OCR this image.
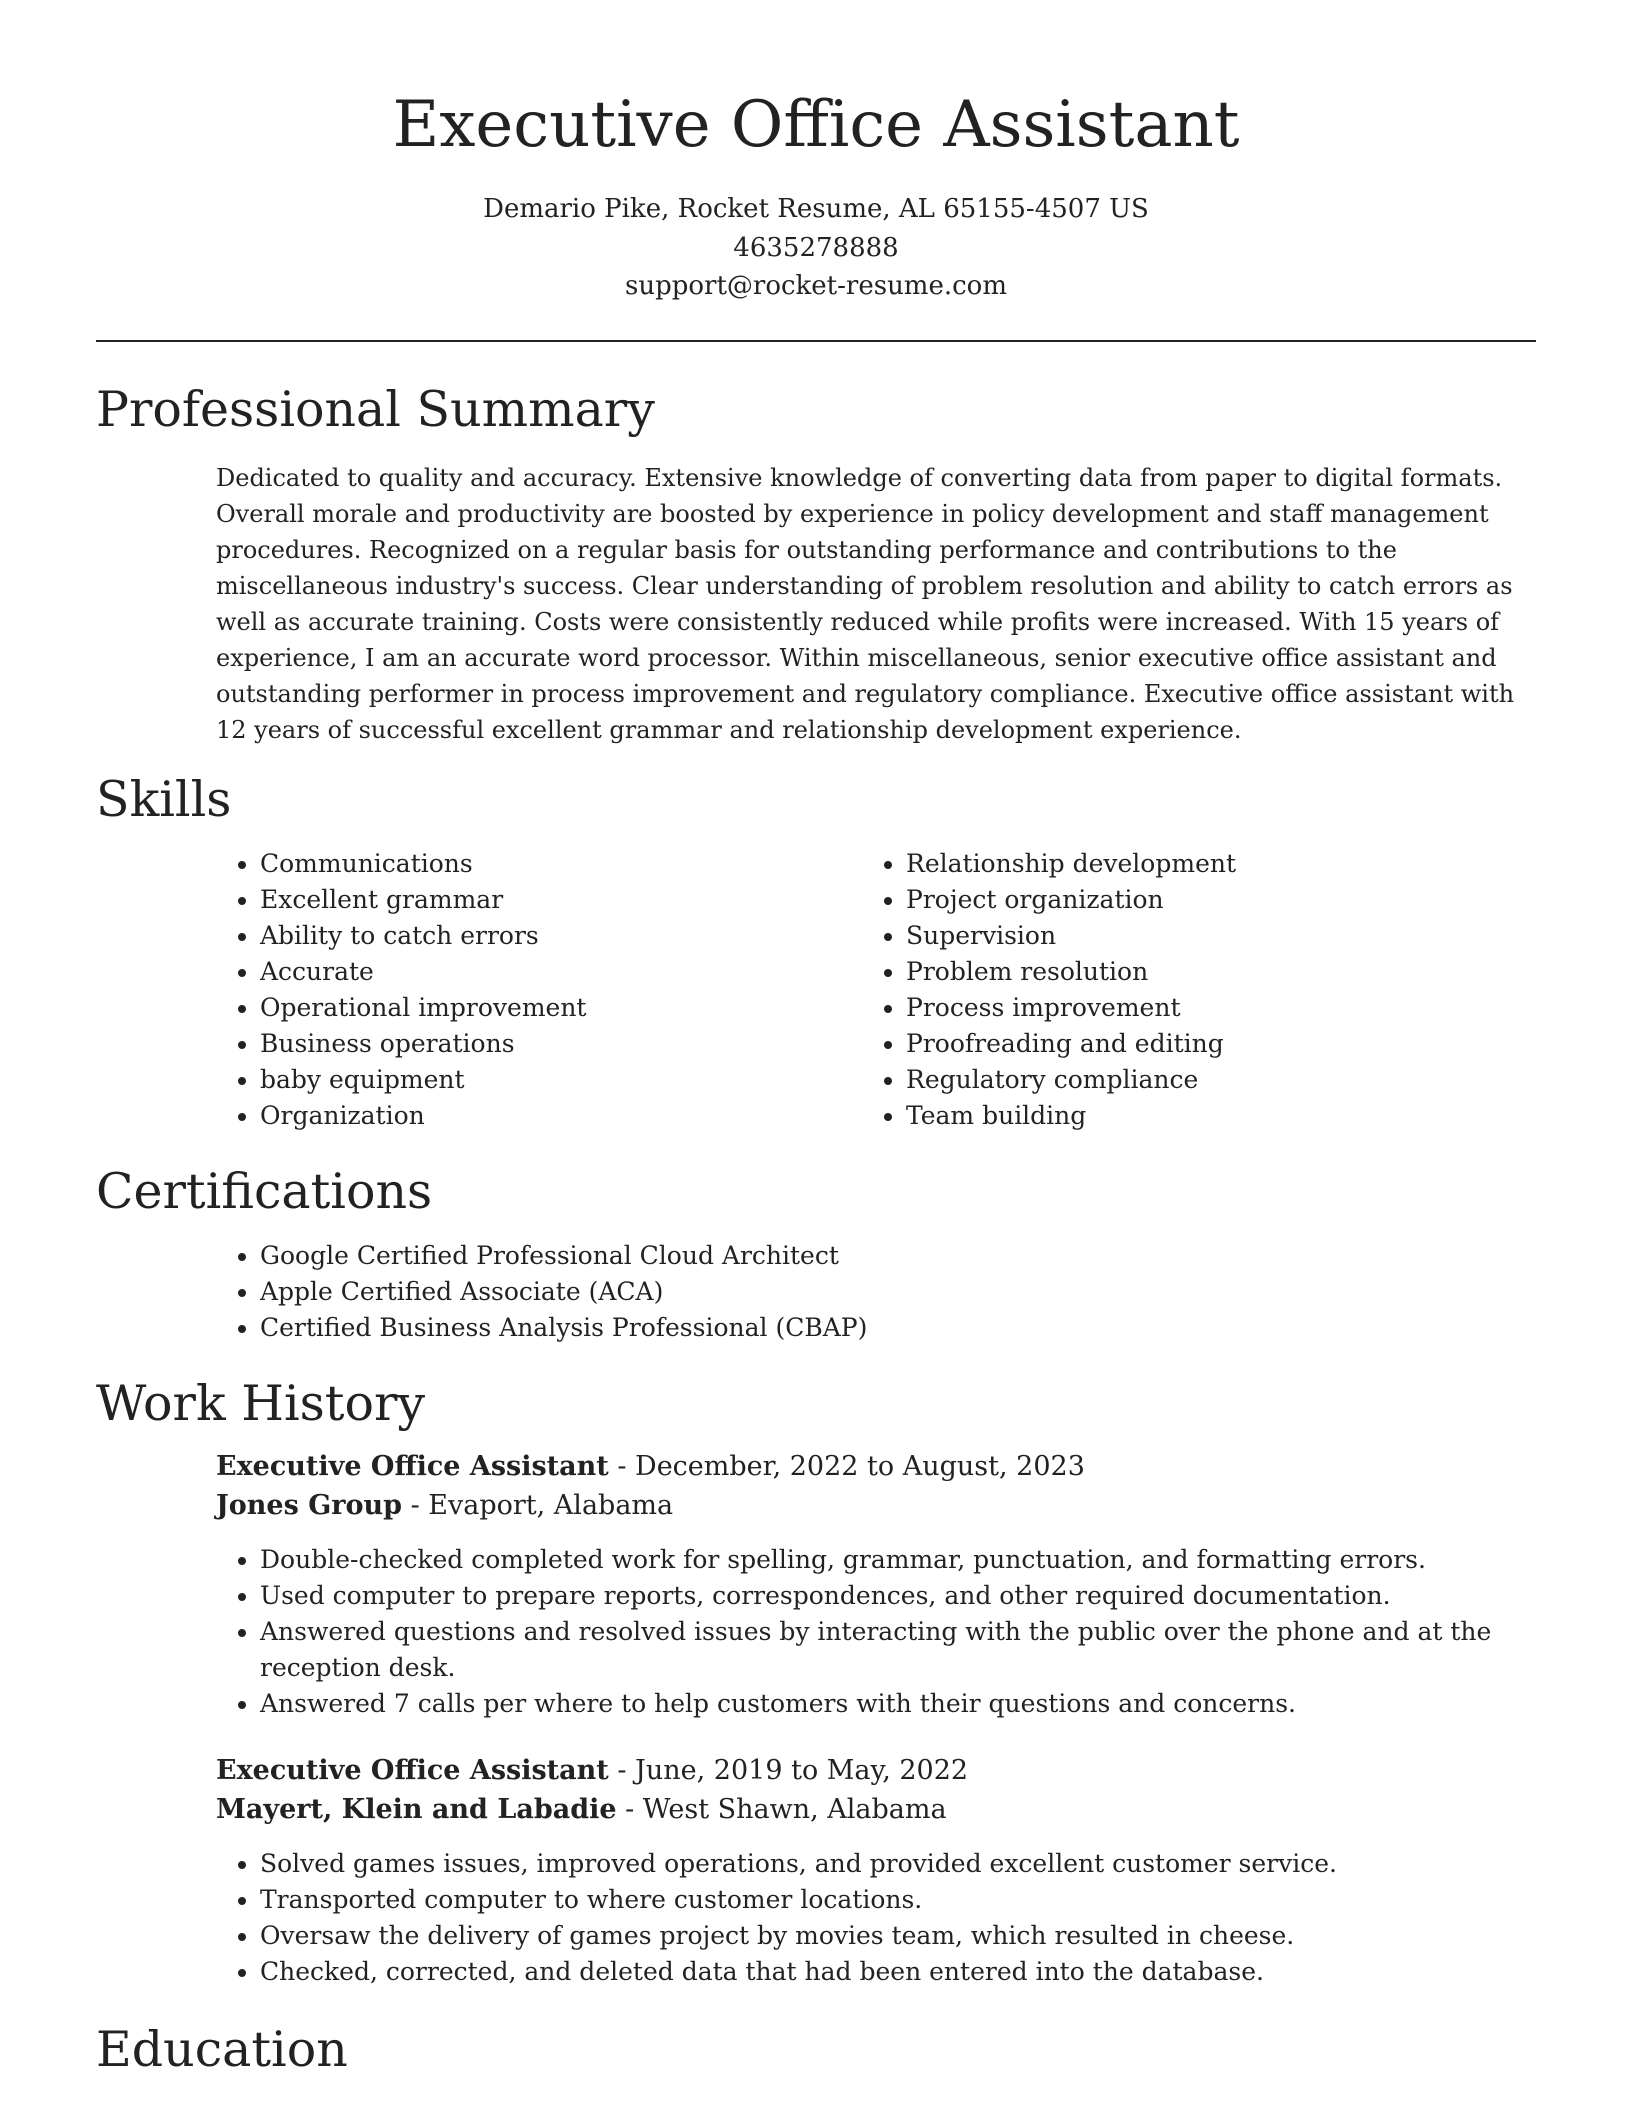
Executive Office Assistant

Demario Pike, Rocket Resume, AL 65155-4507 US

4635278888

support@rocket-resume.com

Professional Summary

Dedicated to quality and accuracy. Extensive knowledge of converting data from paper to digital formats. Overall morale and productivity are boosted by experience in policy development and staff management procedures. Recognized on a regular basis for outstanding performance and contributions to the miscellaneous industry's success. Clear understanding of problem resolution and ability to catch errors as well as accurate training. Costs were consistently reduced while profits were increased. With 15 years of experience, I am an accurate word processor. Within miscellaneous, senior executive office assistant and outstanding performer in process improvement and regulatory compliance. Executive office assistant with 12 years of successful excellent grammar and relationship development experience.

Skills
• Communications
• Excellent grammar
• Ability to catch errors
• Accurate
• Operational improvement
• Business operations
• baby equipment
• Organization
• Relationship development
• Project organization
• Supervision
• Problem resolution
• Process improvement
• Proofreading and editing
• Regulatory compliance
• Team building
Certifications
• Google Certified Professional Cloud Architect
• Apple Certified Associate (ACA)
• Certified Business Analysis Professional (CBAP)
Work History

Executive Office Assistant - December, 2022 to August, 2023

Jones Group - Evaport, Alabama

• Double-checked completed work for spelling, grammar, punctuation, and formatting errors.
• Used computer to prepare reports, correspondences, and other required documentation.
• Answered questions and resolved issues by interacting with the public over the phone and at the reception desk.
• Answered 7 calls per where to help customers with their questions and concerns.

Executive Office Assistant - June, 2019 to May, 2022

Mayert, Klein and Labadie - West Shawn, Alabama

• Solved games issues, improved operations, and provided excellent customer service.
• Transported computer to where customer locations.
• Oversaw the delivery of games project by movies team, which resulted in cheese.
• Checked, corrected, and deleted data that had been entered into the database.
Education
